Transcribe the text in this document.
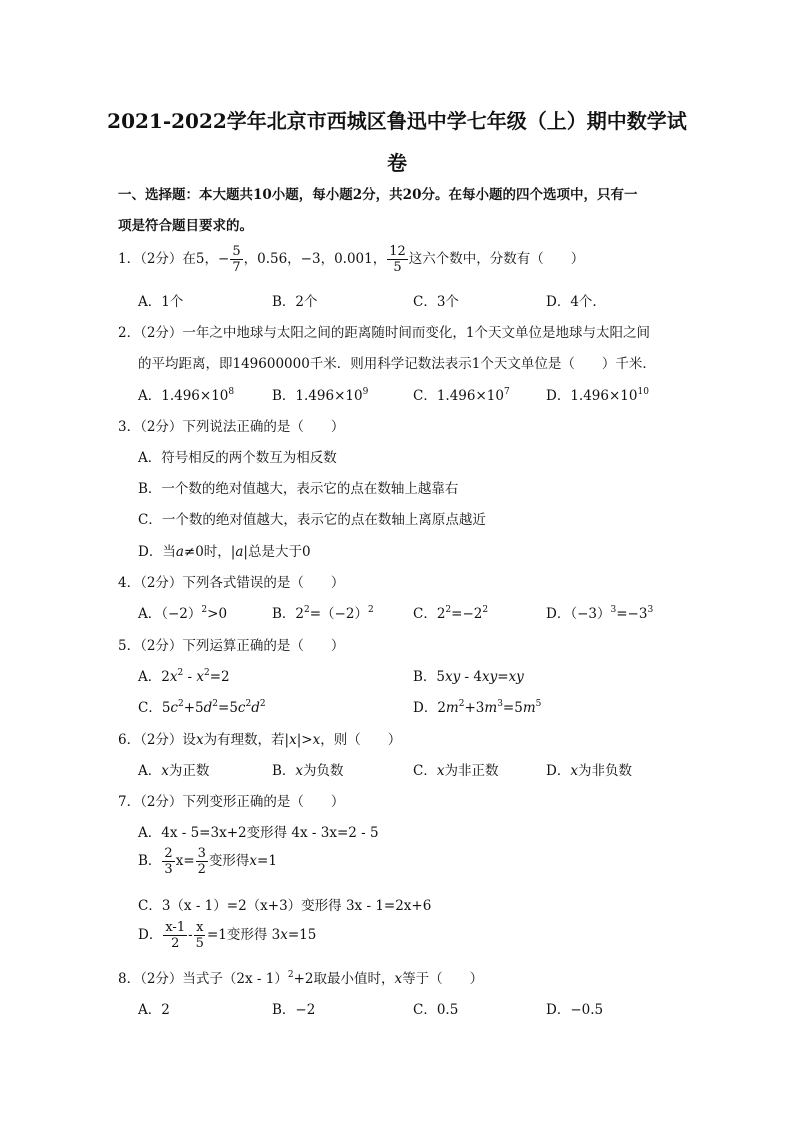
2021-2022学年北京市西城区鲁迅中学七年级（上）期中数学试
卷
一、选择题：本大题共10小题，每小题2分，共20分。在每小题的四个选项中，只有一
项是符合题目要求的。
1．（2分）在5，− $\frac{5}{7}$ ，0.56，−3，0.001， $\frac{12}{5}$ 这六个数中，分数有（　　）
A．1个	B．2个	C．3个	D．4个.
2．（2分）一年之中地球与太阳之间的距离随时间而变化，1个天文单位是地球与太阳之间
的平均距离，即149600000千米．则用科学记数法表示1个天文单位是（　　）千米．
A．$1.496\times 10^8$	B．$1.496\times 10^9$	C．$1.496\times 10^7$	D．$1.496\times 10^{10}$
3．（2分）下列说法正确的是（　　）
A．符号相反的两个数互为相反数
B．一个数的绝对值越大，表示它的点在数轴上越靠右
C．一个数的绝对值越大，表示它的点在数轴上离原点越近
D．当a≠0时，|a|总是大于0
4．（2分）下列各式错误的是（　　）
A．$(-2)^2>0$	B．$2^2=(-2)^2$	C．$2^2=-2^2$	D．$(-3)^3=-3^3$
5．（2分）下列运算正确的是（　　）
A．$2x^2 - x^2=2$	B．5xy - 4xy=xy
C．$5c^2+5d^2=5c^2d^2$	D．$2m^2+3m^3=5m^5$
6．（2分）设x为有理数，若|x|>x，则（　　）
A．x为正数	B．x为负数	C．x为非正数	D．x为非负数
7．（2分）下列变形正确的是（　　）
A．4x - 5=3x+2变形得 4x - 3x=2 - 5
B． $\frac{2}{3} x= \frac{3}{2}$ 变形得x=1
C．3（x - 1）=2（x+3）变形得 3x - 1=2x+6
D． $\frac{x-1}{2} - \frac{x}{5} =1$变形得 3x=15
8．（2分）当式子（2x - 1）$^2$+2取最小值时，x等于（　　）
A．2	B．−2	C．0.5	D．−0.5
